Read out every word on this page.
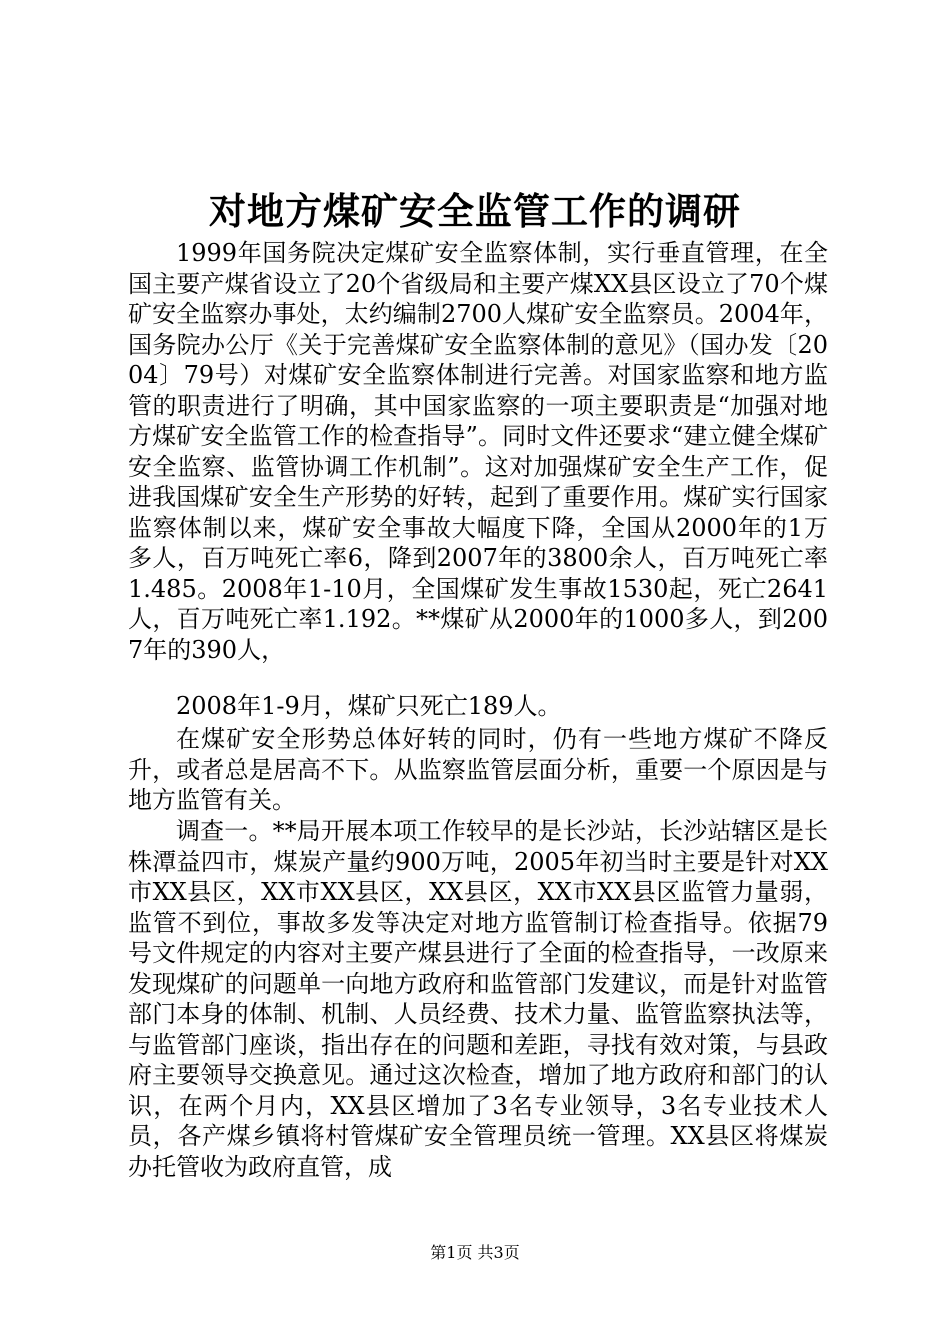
对地方煤矿安全监管工作的调研

1999年国务院决定煤矿安全监察体制，实行垂直管理，在全国主要产煤省设立了20个省级局和主要产煤XX县区设立了70个煤矿安全监察办事处，太约编制2700人煤矿安全监察员。2004年，国务院办公厅《关于完善煤矿安全监察体制的意见》（国办发〔2004〕79号）对煤矿安全监察体制进行完善。对国家监察和地方监管的职责进行了明确，其中国家监察的一项主要职责是“加强对地方煤矿安全监管工作的检查指导”。同时文件还要求“建立健全煤矿安全监察、监管协调工作机制”。这对加强煤矿安全生产工作，促进我国煤矿安全生产形势的好转，起到了重要作用。煤矿实行国家监察体制以来，煤矿安全事故大幅度下降，全国从2000年的1万多人，百万吨死亡率6，降到2007年的3800余人，百万吨死亡率1.485。2008年1-10月，全国煤矿发生事故1530起，死亡2641人，百万吨死亡率1.192。**煤矿从2000年的1000多人，到2007年的390人，

2008年1-9月，煤矿只死亡189人。

在煤矿安全形势总体好转的同时，仍有一些地方煤矿不降反升，或者总是居高不下。从监察监管层面分析，重要一个原因是与地方监管有关。

调查一。**局开展本项工作较早的是长沙站，长沙站辖区是长株潭益四市，煤炭产量约900万吨，2005年初当时主要是针对XX市XX县区，XX市XX县区，XX县区，XX市XX县区监管力量弱，监管不到位，事故多发等决定对地方监管制订检查指导。依据79号文件规定的内容对主要产煤县进行了全面的检查指导，一改原来发现煤矿的问题单一向地方政府和监管部门发建议，而是针对监管部门本身的体制、机制、人员经费、技术力量、监管监察执法等，与监管部门座谈，指出存在的问题和差距，寻找有效对策，与县政府主要领导交换意见。通过这次检查，增加了地方政府和部门的认识，在两个月内，XX县区增加了3名专业领导，3名专业技术人员，各产煤乡镇将村管煤矿安全管理员统一管理。XX县区将煤炭办托管收为政府直管，成

第1页 共3页
